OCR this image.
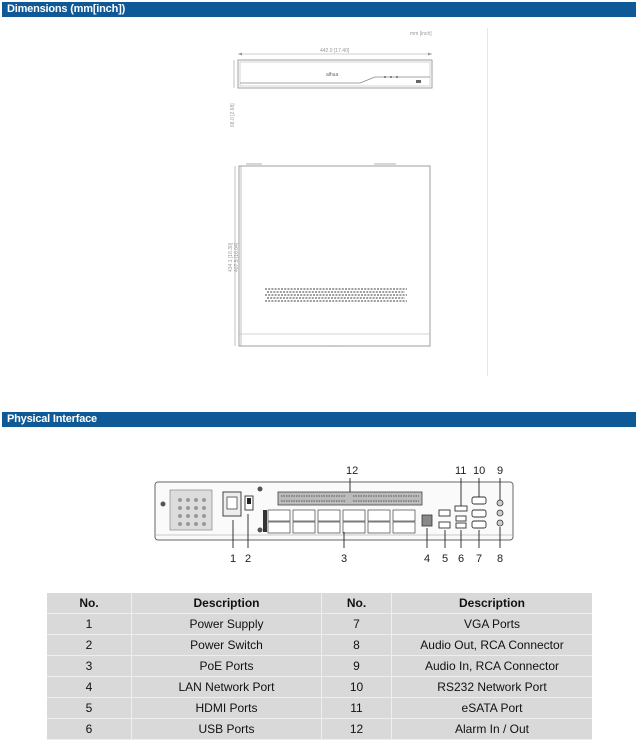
Dimensions (mm[inch])
mm [inch]
442.0 [17.40]
alhua
68.0 [2.68]
434.1 [16.30] 407.5 [16.04]
Physical Interface
12	11 10 9
1 2	3	4 5 6 7 8
No.	Description	No.	Description
1	Power Supply	7	VGA Ports
2	Power Switch	8	Audio Out, RCA Connector
3	PoE Ports	9	Audio In, RCA Connector
4	LAN Network Port	10	RS232 Network Port
5	HDMI Ports	11	eSATA Port
6	USB Ports	12	Alarm In / Out
